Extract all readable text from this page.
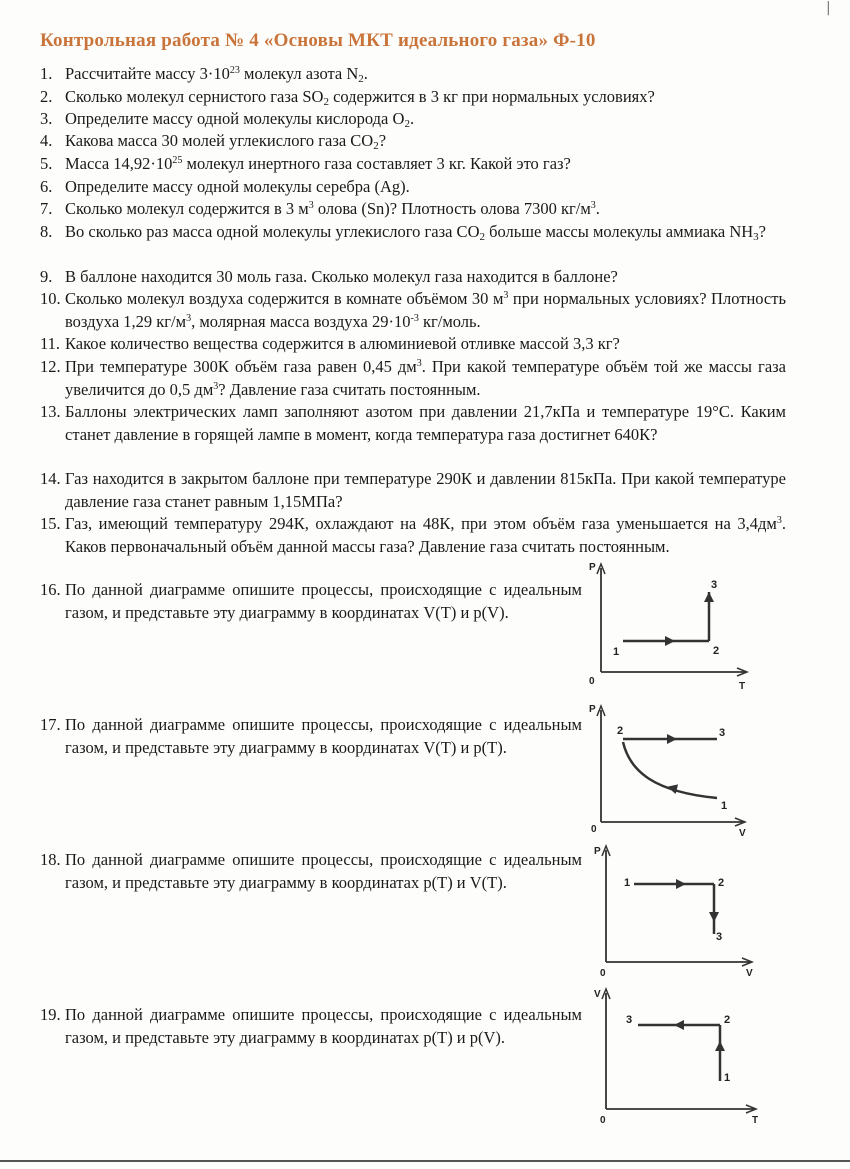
|
Контрольная работа № 4 «Основы МКТ идеального газа» Ф-10
1. Рассчитайте массу $3\cdot 10^{23}$ молекул азота $N_2$.
2. Сколько молекул сернистого газа $SO_2$ содержится в 3 кг при нормальных условиях?
3. Определите массу одной молекулы кислорода $O_2$.
4. Какова масса 30 молей углекислого газа $CO_2$?
5. Масса $14,92\cdot 10^{25}$ молекул инертного газа составляет 3 кг. Какой это газ?
6. Определите массу одной молекулы серебра (Ag).
7. Сколько молекул содержится в 3 $м^3$ олова (Sn)? Плотность олова 7300 $кг/м^3$.
8. Во сколько раз масса одной молекулы углекислого газа $CO_2$ больше массы молекулы аммиака $NH_3$?
9. В баллоне находится 30 моль газа. Сколько молекул газа находится в баллоне?
10. Сколько молекул воздуха содержится в комнате объёмом 30 $м^3$ при нормальных условиях? Плотность воздуха 1,29 $кг/м^3$, молярная масса воздуха $29\cdot 10^{-3}$ кг/моль.
11. Какое количество вещества содержится в алюминиевой отливке массой 3,3 кг?
12. При температуре 300К объём газа равен 0,45 $дм^3$. При какой температуре объём той же массы газа увеличится до 0,5 $дм^3$? Давление газа считать постоянным.
13. Баллоны электрических ламп заполняют азотом при давлении 21,7кПа и температуре 19°С. Каким станет давление в горящей лампе в момент, когда температура газа достигнет 640К?
14. Газ находится в закрытом баллоне при температуре 290К и давлении 815кПа. При какой температуре давление газа станет равным 1,15МПа?
15. Газ, имеющий температуру 294К, охлаждают на 48К, при этом объём газа уменьшается на $3,4дм^3$. Каков первоначальный объём данной массы газа? Давление газа считать постоянным.
16. По данной диаграмме опишите процессы, происходящие с идеальным газом, и представьте эту диаграмму в координатах V(T) и p(V).
17. По данной диаграмме опишите процессы, происходящие с идеальным газом, и представьте эту диаграмму в координатах V(T) и p(T).
18. По данной диаграмме опишите процессы, происходящие с идеальным газом, и представьте эту диаграмму в координатах p(T) и V(T).
19. По данной диаграмме опишите процессы, происходящие с идеальным газом, и представьте эту диаграмму в координатах p(T) и p(V).
P
T
0
1	2
3
P
V
0
2	3
1
P
V
0
1	2
3
V
T
0
2
3
1
